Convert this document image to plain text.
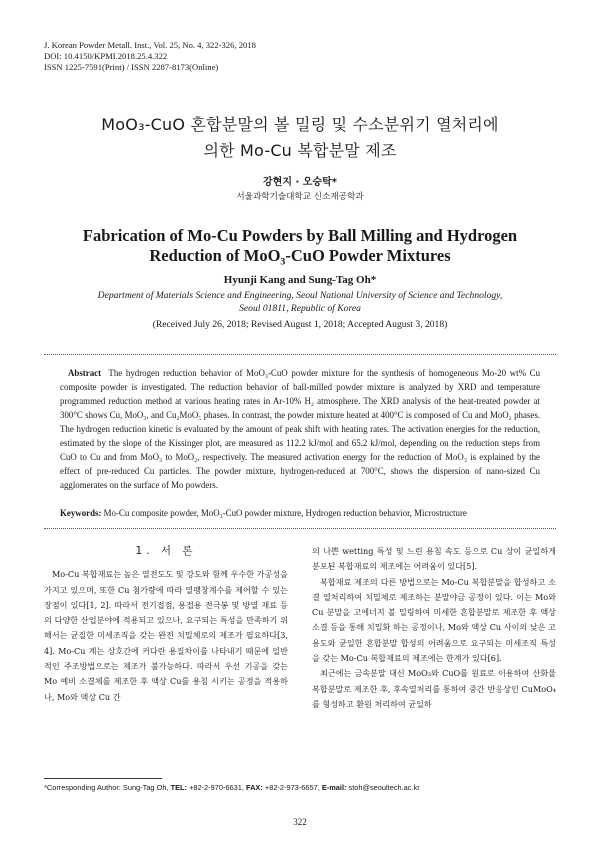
J. Korean Powder Metall. Inst., Vol. 25, No. 4, 322-326, 2018
DOI: 10.4150/KPMI.2018.25.4.322
ISSN 1225-7591(Print) / ISSN 2287-8173(Online)
MoO₃-CuO 혼합분말의 볼 밀링 및 수소분위기 열처리에
의한 Mo-Cu 복합분말 제조
강현지 · 오승탁*
서울과학기술대학교 신소재공학과
Fabrication of Mo-Cu Powders by Ball Milling and Hydrogen
Reduction of MoO₃-CuO Powder Mixtures
Hyunji Kang and Sung-Tag Oh*
Department of Materials Science and Engineering, Seoul National University of Science and Technology,
Seoul 01811, Republic of Korea
(Received July 26, 2018; Revised August 1, 2018; Accepted August 3, 2018)
Abstract The hydrogen reduction behavior of MoO₃-CuO powder mixture for the synthesis of homogeneous Mo-20 wt% Cu composite powder is investigated. The reduction behavior of ball-milled powder mixture is analyzed by XRD and temperature programmed reduction method at various heating rates in Ar-10% H₂ atmosphere. The XRD analysis of the heat-treated powder at 300°C shows Cu, MoO₃, and Cu₂MoO₅ phases. In contrast, the powder mixture heated at 400°C is composed of Cu and MoO₂ phases. The hydrogen reduction kinetic is evaluated by the amount of peak shift with heating rates. The activation energies for the reduction, estimated by the slope of the Kissinger plot, are measured as 112.2 kJ/mol and 65.2 kJ/mol, depending on the reduction steps from CuO to Cu and from MoO₃ to MoO₂, respectively. The measured activation energy for the reduction of MoO₃ is explained by the effect of pre-reduced Cu particles. The powder mixture, hydrogen-reduced at 700°C, shows the dispersion of nano-sized Cu agglomerates on the surface of Mo powders.
Keywords: Mo-Cu composite powder, MoO₃-CuO powder mixture, Hydrogen reduction behavior, Microstructure
1. 서 론

Mo-Cu 복합재료는 높은 열전도도 및 강도와 함께 우수한 가공성을 가지고 있으며, 또한 Cu 첨가량에 따라 열팽창계수를 제어할 수 있는 장점이 있다[1, 2]. 따라서 전기접점, 용접용 전극봉 및 방열 재료 등의 다양한 산업분야에 적용되고 있으나, 요구되는 특성을 만족하기 위해서는 균질한 미세조직을 갖는 완전 치밀체로의 제조가 필요하다[3, 4]. Mo-Cu 계는 상호간에 커다란 용질차이를 나타내기 때문에 일반적인 주조방법으로는 제조가 불가능하다. 따라서 우선 기공을 갖는 Mo 예비 소결체를 제조한 후 액상 Cu를 용침 시키는 공정을 적용하나, Mo와 액상 Cu 간

의 나쁜 wetting 특성 및 느린 용침 속도 등으로 Cu 상이 균일하게 분포된 복합재료의 제조에는 어려움이 있다[5].

복합재료 제조의 다른 방법으로는 Mo-Cu 복합분말을 합성하고 소결 열처리하여 치밀체로 제조하는 분말야금 공정이 있다. 이는 Mo와 Cu 분말을 고에너지 볼 밀링하여 미세한 혼합분말로 제조한 후 액상소결 등을 통해 치밀화 하는 공정이나, Mo와 액상 Cu 사이의 낮은 고용도와 균일한 혼합분말 합성의 어려움으로 요구되는 미세조직 특성을 갖는 Mo-Cu 복합재료의 제조에는 한계가 있다[6].

최근에는 금속분말 대신 MoO₃와 CuO를 원료로 이용하여 산화물 복합분말로 제조한 후, 후속열처리를 통하여 중간 반응상인 CuMoO₄를 형성하고 환원 처리하여 균일하

*Corresponding Author: Sung-Tag Oh, TEL: +82-2-970-6631, FAX: +82-2-973-6657, E-mail: stoh@seoultech.ac.kr
322
